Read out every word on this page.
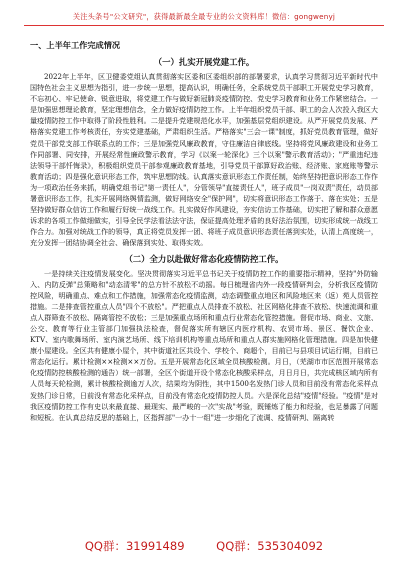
关注头条号"公文研究"，获得最新最全最专业的公文资料库！微信：gongwenyj
一、上半年工作完成情况
（一）扎实开展党建工作。

2022年上半年，区卫健委党组认真贯彻落实区委和区委组织部的部署要求，认真学习贯彻习近平新时代中国特色社会主义思想为指引，进一步统一思想，提高认识，明确任务，全系统党员干部职工开展党史学习教育，不忘初心、牢记使命、锐意进取，将党建工作与做好新冠肺炎疫情防控、党史学习教育和业务工作紧密结合。一是加强思想理论教育，坚定理想信念，全力做好疫情防控工作。上半年组织党员干部、职工的会人次投入我区大量疫情防控工作中取得了阶段性胜利。二是提升党建规范化水平，加强基层党组织建设。从严开展党员发展、严格落实党建工作考核责任，夯实党建基础，严肃组织生活。严格落实"三会一课"制度，抓好党员教育管理，做好党员干部党支部工作联系点的工作；三是加强党风廉政教育，守住廉洁自律底线。坚持将党风廉政建设和业务工作同部署、同安排，开展经常性廉政警示教育，学习《以案一轮深化》三个以案"警示教育活动》；"严重违纪违法领导干部忏悔录》，积极组织党员干部参观廉政教育基地，引导党员干部算好政治账、经济账、家庭账等警示教育活动；四是强化意识形态工作，筑牢思想防线。认真落实意识形态工作责任制，始终坚持把意识形态工作作为一项政治任务来抓，明确党组书记"第一责任人"，分管领导"直接责任人"，班子成员"一岗双责"责任，动员部署意识形态工作，扎实开展网络舆情监测，做好网络安全"保护网"，切实将意识形态工作落于、落在实处；五是坚持做好群众信访工作和履行好统一战线工作。扎实做好作风建设，夯实信访工作基础，切实把了解和群众意愿诉求的各项工作做细做实，引导全民学法看法法守法，保证提高处理矛盾的良好法治氛围，切实形成统一战线工作合力。加强对统战工作的领导，真正将党员发挥一团、将班子成员意识形态责任落到实处，认清上高度统一，充分发挥一团结协调全社会、确保落到实处、取得实效。

（二）全力以赴做好常态化疫情防控工作。

一是持续关注疫情发展变化。坚决贯彻落实习近平总书记关于疫情防控工作的重要指示精神，坚持"外防输入、内防反弹"总策略和"动态清零"的总方针不放松不动摇。每日梳理省内外一段疫情研判会，分析我区疫情防控风险，明确重点、难点和工作措施，加强常态化疫情监测，动态调整重点地区和风险地区来（返）苑人员管控措施。二是排查管控重点人员"四个不放松"。严把重点人员排查不放松、社区网格化排查不放松、快速流调和重点人群筛查不放松、隔离管控不放松；三是加强重点场所和重点行业常态化管控措施。督促市场、商业、文旅、公交、教育等行业主管部门加强执法检查，督促落实所有辖区内医疗机构、农贸市场、景区、餐饮企业、KTV、室内歌舞场所、室内演艺场所、线下培训机构等重点场所和重点人群实施网格化管理措施。四是加快健康小屋建设。全区共有健康小屋个，其中街道社区共设个、学校个、商超个，目前已与县项目试运行期，目前已常态化运行。累计检测××检测××万份。五是开展常态化区域全员核酸检测。月日，（芜湖市市区范围开展常态化疫情防控核酸检测的通告）统一部署，全区个街道开设个常态化核酸采样点，月日月日，共完成核区域内所有人员每天轮检测，累计核酸检测逾万人次，结果均为阴性，其中1500名发热门诊人员和目前没有常态化采样点发热门诊日常，日前没有常态化采样点，目前没有常态化疫情防控人员。六是深化总结"疫情"经验。"疫情"是对我区疫情防控工作有史以来最直接、最现实、最严峻的一次"实战"考验，既锤炼了能力和经验，也足暴露了问题和短板。在认真总结反思的基础上，区指挥部"一办十一组"进一步细化了流调、疫情研判、隔离转

QQ群：31991489	QQ群：535304092
